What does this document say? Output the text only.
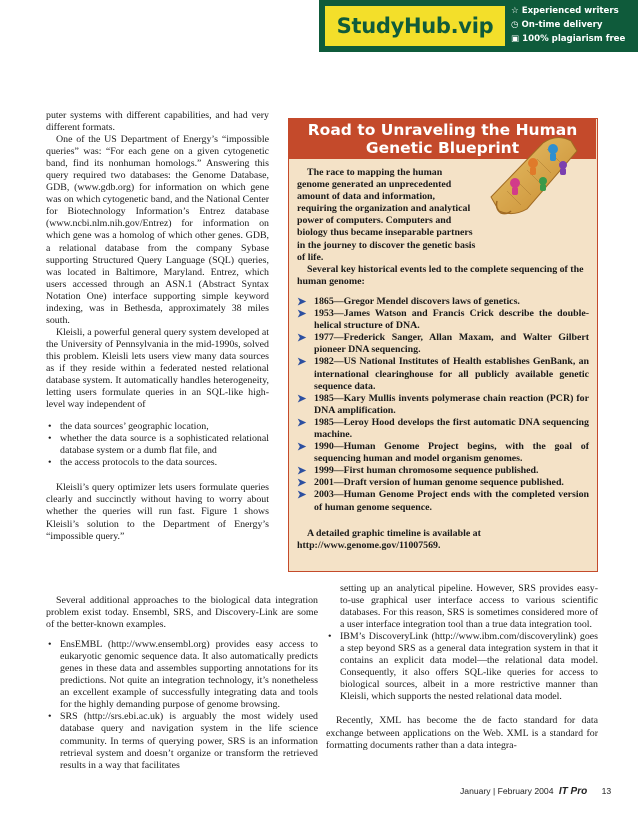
StudyHub.vip
☆ Experienced writers
◷ On-time delivery
▣ 100% plagiarism free

puter systems with different capabilities, and had very different formats.

One of the US Department of Energy’s “impossible queries” was: “For each gene on a given cytogenetic band, find its nonhuman homologs.” Answering this query required two databases: the Genome Database, GDB, (www.gdb.org) for information on which gene was on which cytogenetic band, and the National Center for Biotechnology Information’s Entrez database (www.ncbi.nlm.nih.gov/Entrez) for information on which gene was a homolog of which other genes. GDB, a relational database from the company Sybase supporting Structured Query Language (SQL) queries, was located in Baltimore, Maryland. Entrez, which users accessed through an ASN.1 (Abstract Syntax Notation One) interface supporting simple keyword indexing, was in Bethesda, approximately 38 miles south.

Kleisli, a powerful general query system developed at the University of Pennsylvania in the mid-1990s, solved this problem. Kleisli lets users view many data sources as if they reside within a federated nested relational database system. It automatically handles heterogeneity, letting users formulate queries in an SQL-like high-level way independent of

• the data sources’ geographic location,
• whether the data source is a sophisticated relational database system or a dumb flat file, and
• the access protocols to the data sources.

Kleisli’s query optimizer lets users formulate queries clearly and succinctly without having to worry about whether the queries will run fast. Figure 1 shows Kleisli’s solution to the Department of Energy’s “impossible query.”

Several additional approaches to the biological data integration problem exist today. Ensembl, SRS, and Discovery-Link are some of the better-known examples.

• EnsEMBL (http://www.ensembl.org) provides easy access to eukaryotic genomic sequence data. It also automatically predicts genes in these data and assembles supporting annotations for its predictions. Not quite an integration technology, it’s nonetheless an excellent example of successfully integrating data and tools for the highly demanding purpose of genome browsing.
• SRS (http://srs.ebi.ac.uk) is arguably the most widely used database query and navigation system in the life science community. In terms of querying power, SRS is an information retrieval system and doesn’t organize or transform the retrieved results in a way that facilitates

setting up an analytical pipeline. However, SRS provides easy-to-use graphical user interface access to various scientific databases. For this reason, SRS is sometimes considered more of a user interface integration tool than a true data integration tool.

• IBM’s DiscoveryLink (http://www.ibm.com/discoverylink) goes a step beyond SRS as a general data integration system in that it contains an explicit data model—the relational data model. Consequently, it also offers SQL-like queries for access to biological sources, albeit in a more restrictive manner than Kleisli, which supports the nested relational data model.

Recently, XML has become the de facto standard for data exchange between applications on the Web. XML is a standard for formatting documents rather than a data integra-

Road to Unraveling the Human
Genetic Blueprint

The race to mapping the human genome generated an unprecedented amount of data and information, requiring the organization and analytical power of computers. Computers and biology thus became inseparable partners in the journey to discover the genetic basis of life.

Several key historical events led to the complete sequencing of the human genome:

➤ 1865—Gregor Mendel discovers laws of genetics.
➤ 1953—James Watson and Francis Crick describe the double-helical structure of DNA.
➤ 1977—Frederick Sanger, Allan Maxam, and Walter Gilbert pioneer DNA sequencing.
➤ 1982—US National Institutes of Health establishes GenBank, an international clearinghouse for all publicly available genetic sequence data.
➤ 1985—Kary Mullis invents polymerase chain reaction (PCR) for DNA amplification.
➤ 1985—Leroy Hood develops the first automatic DNA sequencing machine.
➤ 1990—Human Genome Project begins, with the goal of sequencing human and model organism genomes.
➤ 1999—First human chromosome sequence published.
➤ 2001—Draft version of human genome sequence published.
➤ 2003—Human Genome Project ends with the completed version of human genome sequence.

A detailed graphic timeline is available at http://www.genome.gov/11007569.

January | February 2004 IT Pro 13
